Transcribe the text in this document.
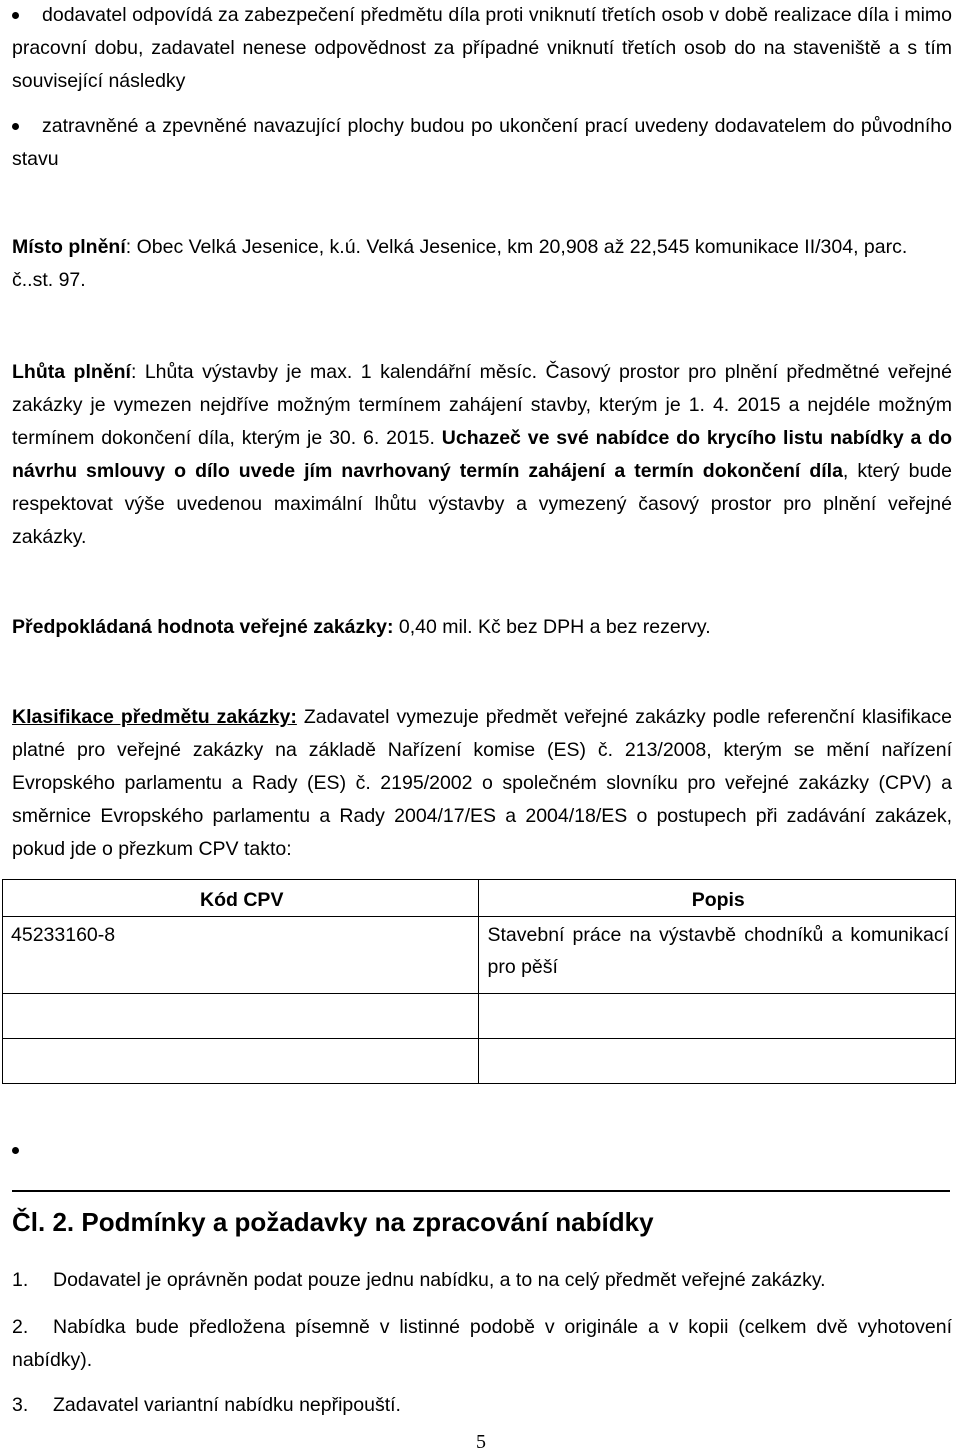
dodavatel odpovídá za zabezpečení předmětu díla proti vniknutí třetích osob v době realizace díla i mimo pracovní dobu, zadavatel nenese odpovědnost za případné vniknutí třetích osob do na staveniště a s tím související následky

zatravněné a zpevněné navazující plochy budou po ukončení prací uvedeny dodavatelem do původního stavu

Místo plnění: Obec Velká Jesenice, k.ú. Velká Jesenice, km 20,908 až 22,545 komunikace II/304, parc. č..st. 97.

Lhůta plnění: Lhůta výstavby je max. 1 kalendářní měsíc. Časový prostor pro plnění předmětné veřejné zakázky je vymezen nejdříve možným termínem zahájení stavby, kterým je 1. 4. 2015 a nejdéle možným termínem dokončení díla, kterým je 30. 6. 2015. Uchazeč ve své nabídce do krycího listu nabídky a do návrhu smlouvy o dílo uvede jím navrhovaný termín zahájení a termín dokončení díla, který bude respektovat výše uvedenou maximální lhůtu výstavby a vymezený časový prostor pro plnění veřejné zakázky.

Předpokládaná hodnota veřejné zakázky: 0,40 mil. Kč bez DPH a bez rezervy.

Klasifikace předmětu zakázky: Zadavatel vymezuje předmět veřejné zakázky podle referenční klasifikace platné pro veřejné zakázky na základě Nařízení komise (ES) č. 213/2008, kterým se mění nařízení Evropského parlamentu a Rady (ES) č. 2195/2002 o společném slovníku pro veřejné zakázky (CPV) a směrnice Evropského parlamentu a Rady 2004/17/ES a 2004/18/ES o postupech při zadávání zakázek, pokud jde o přezkum CPV takto:

Kód CPV	Popis
45233160-8	Stavební práce na výstavbě chodníků a komunikací pro pěší

Čl. 2. Podmínky a požadavky na zpracování nabídky

1. Dodavatel je oprávněn podat pouze jednu nabídku, a to na celý předmět veřejné zakázky.

2. Nabídka bude předložena písemně v listinné podobě v originále a v kopii (celkem dvě vyhotovení nabídky).

3. Zadavatel variantní nabídku nepřipouští.

5
